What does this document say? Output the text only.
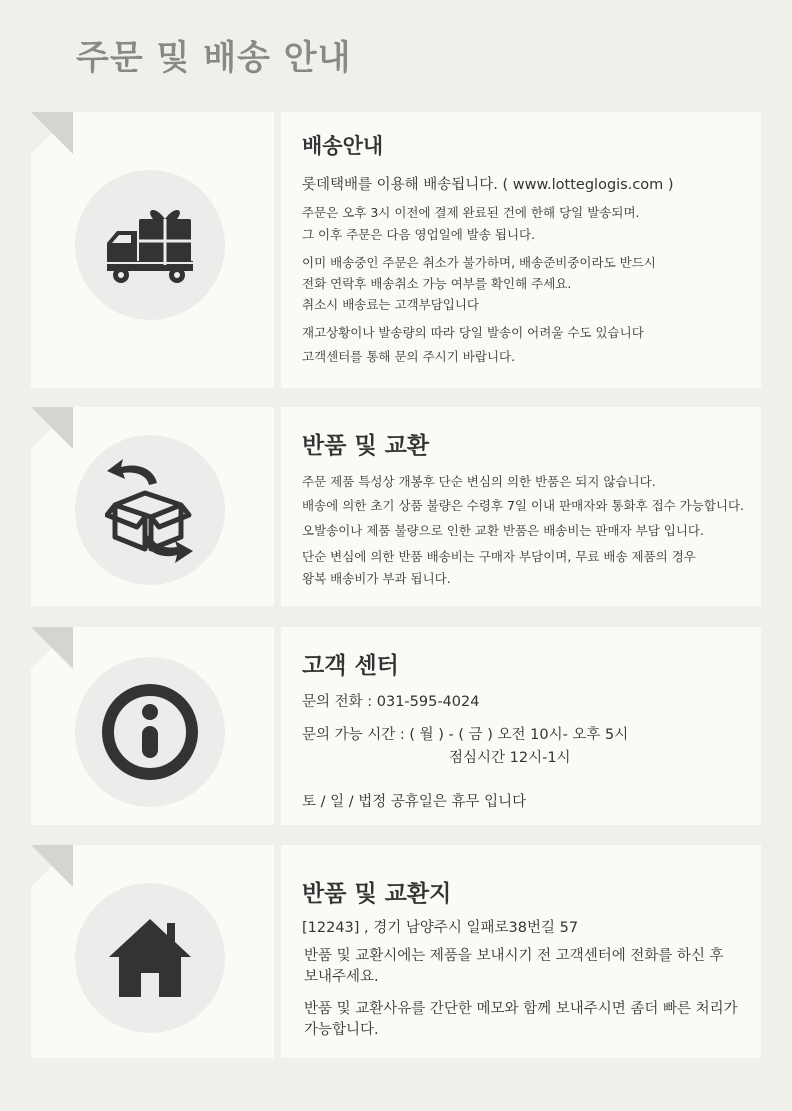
주문 및 배송 안내
배송안내
롯데택배를 이용해 배송됩니다. ( www.lotteglogis.com )
주문은 오후 3시 이전에 결제 완료된 건에 한해 당일 발송되며.
그 이후 주문은 다음 영업일에 발송 됩니다.
이미 배송중인 주문은 취소가 불가하며, 배송준비중이라도 반드시
전화 연락후 배송취소 가능 여부를 확인해 주세요.
취소시 배송료는 고객부담입니다
재고상황이나 발송량의 따라 당일 발송이 어려울 수도 있습니다
고객센터를 통해 문의 주시기 바랍니다.
반품 및 교환
주문 제품 특성상 개봉후 단순 변심의 의한 반품은 되지 않습니다.
배송에 의한 초기 상품 불량은 수령후 7일 이내 판매자와 통화후 접수 가능합니다.
오발송이나 제품 불량으로 인한 교환 반품은 배송비는 판매자 부담 입니다.
단순 변심에 의한 반품 배송비는 구매자 부담이며, 무료 배송 제품의 경우
왕복 배송비가 부과 됩니다.
고객 센터
문의 전화 : 031-595-4024
문의 가능 시간 : ( 월 ) - ( 금 ) 오전 10시- 오후 5시
점심시간 12시-1시
토 / 일 / 법정 공휴일은 휴무 입니다
반품 및 교환지
[12243] , 경기 남양주시 일패로38번길 57
반품 및 교환시에는 제품을 보내시기 전 고객센터에 전화를 하신 후
보내주세요.
반품 및 교환사유를 간단한 메모와 함께 보내주시면 좀더 빠른 처리가
가능합니다.
